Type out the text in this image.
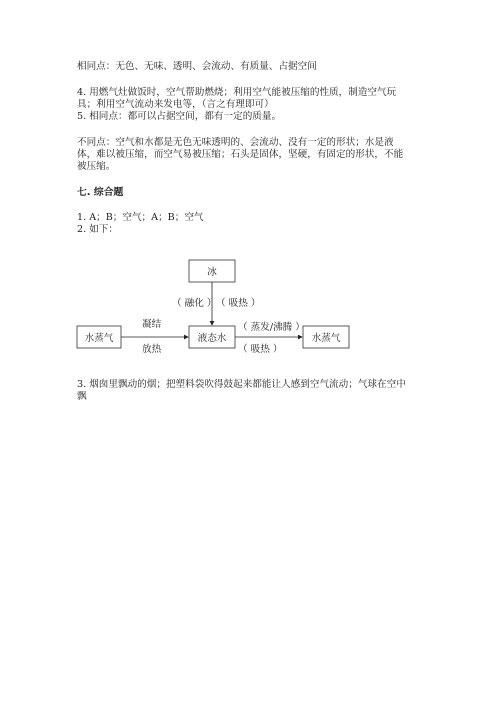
相同点：无色、无味、透明、会流动、有质量、占据空间
4. 用燃气灶做饭时，空气帮助燃烧；利用空气能被压缩的性质，制造空气玩
具；利用空气流动来发电等，（言之有理即可）
5. 相同点：都可以占据空间，都有一定的质量。
不同点：空气和水都是无色无味透明的、会流动、没有一定的形状；水是液
体，难以被压缩，而空气易被压缩；石头是固体，坚硬，有固定的形状，不能
被压缩。
七. 综合题
1. A；B；空气；A；B；空气
2. 如下：
3. 烟囱里飘动的烟；把塑料袋吹得鼓起来都能让人感到空气流动；气球在空中
飘
冰
水蒸气	液态水	水蒸气
（ 融化 ） （ 吸热 ）
凝结
放热
（ 蒸发/沸腾 ）
（ 吸热 ）
